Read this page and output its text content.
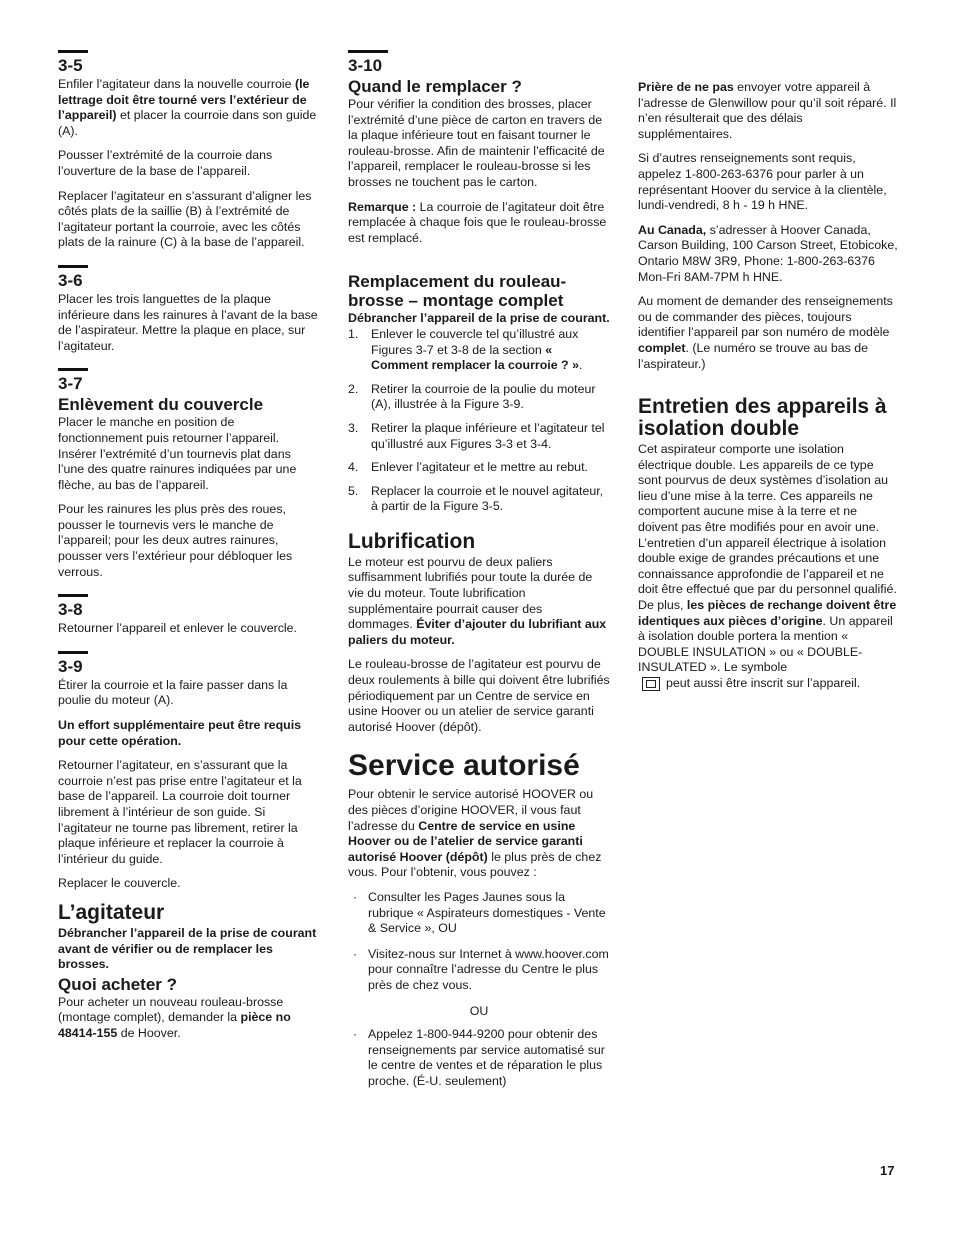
3-5

Enfiler l’agitateur dans la nouvelle courroie (le lettrage doit être tourné vers l’extérieur de l’appareil) et placer la courroie dans son guide (A).

Pousser l’extrémité de la courroie dans l’ouverture de la base de l’appareil.

Replacer l’agitateur en s’assurant d’aligner les côtés plats de la saillie (B) à l’extrémité de l’agitateur portant la courroie, avec les côtés plats de la rainure (C) à la base de l’appareil.

3-6

Placer les trois languettes de la plaque inférieure dans les rainures à l’avant de la base de l’aspirateur. Mettre la plaque en place, sur l’agitateur.

3-7
Enlèvement du couvercle

Placer le manche en position de fonctionnement puis retourner l’appareil. Insérer l’extrémité d’un tournevis plat dans l’une des quatre rainures indiquées par une flèche, au bas de l’appareil.

Pour les rainures les plus près des roues, pousser le tournevis vers le manche de l’appareil; pour les deux autres rainures, pousser vers l’extérieur pour débloquer les verrous.

3-8

Retourner l’appareil et enlever le couvercle.

3-9

Étirer la courroie et la faire passer dans la poulie du moteur (A).

Un effort supplémentaire peut être requis pour cette opération.

Retourner l’agitateur, en s’assurant que la courroie n’est pas prise entre l’agitateur et la base de l’appareil. La courroie doit tourner librement à l’intérieur de son guide. Si l’agitateur ne tourne pas librement, retirer la plaque inférieure et replacer la courroie à l’intérieur du guide.

Replacer le couvercle.

L’agitateur

Débrancher l’appareil de la prise de courant avant de vérifier ou de remplacer les brosses.

Quoi acheter ?

Pour acheter un nouveau rouleau-brosse (montage complet), demander la pièce no 48414-155 de Hoover.

3-10
Quand le remplacer ?

Pour vérifier la condition des brosses, placer l’extrémité d’une pièce de carton en travers de la plaque inférieure tout en faisant tourner le rouleau-brosse. Afin de maintenir l’efficacité de l’appareil, remplacer le rouleau-brosse si les brosses ne touchent pas le carton.

Remarque : La courroie de l’agitateur doit être remplacée à chaque fois que le rouleau-brosse est remplacé.

Remplacement du rouleau-brosse – montage complet

Débrancher l’appareil de la prise de courant.

1. Enlever le couvercle tel qu’illustré aux Figures 3-7 et 3-8 de la section « Comment remplacer la courroie ? ».
2. Retirer la courroie de la poulie du moteur (A), illustrée à la Figure 3-9.
3. Retirer la plaque inférieure et l’agitateur tel qu’illustré aux Figures 3-3 et 3-4.
4. Enlever l’agitateur et le mettre au rebut.
5. Replacer la courroie et le nouvel agitateur, à partir de la Figure 3-5.
Lubrification

Le moteur est pourvu de deux paliers suffisamment lubrifiés pour toute la durée de vie du moteur. Toute lubrification supplémentaire pourrait causer des dommages. Éviter d’ajouter du lubrifiant aux paliers du moteur.

Le rouleau-brosse de l’agitateur est pourvu de deux roulements à bille qui doivent être lubrifiés périodiquement par un Centre de service en usine Hoover ou un atelier de service garanti autorisé Hoover (dépôt).

Service autorisé

Pour obtenir le service autorisé HOOVER ou des pièces d’origine HOOVER, il vous faut l’adresse du Centre de service en usine Hoover ou de l’atelier de service garanti autorisé Hoover (dépôt) le plus près de chez vous. Pour l’obtenir, vous pouvez :

· Consulter les Pages Jaunes sous la rubrique « Aspirateurs domestiques - Vente & Service », OU
· Visitez-nous sur Internet à www.hoover.com pour connaître l’adresse du Centre le plus près de chez vous.

OU

· Appelez 1-800-944-9200 pour obtenir des renseignements par service automatisé sur le centre de ventes et de réparation le plus proche. (É-U. seulement)

Prière de ne pas envoyer votre appareil à l’adresse de Glenwillow pour qu’il soit réparé. Il n’en résulterait que des délais supplémentaires.

Si d’autres renseignements sont requis, appelez 1-800-263-6376 pour parler à un représentant Hoover du service à la clientèle, lundi-vendredi, 8 h - 19 h HNE.

Au Canada, s’adresser à Hoover Canada, Carson Building, 100 Carson Street, Etobicoke, Ontario M8W 3R9, Phone: 1-800-263-6376 Mon-Fri 8AM-7PM h HNE.

Au moment de demander des renseignements ou de commander des pièces, toujours identifier l’appareil par son numéro de modèle complet. (Le numéro se trouve au bas de l’aspirateur.)

Entretien des appareils à isolation double

Cet aspirateur comporte une isolation électrique double. Les appareils de ce type sont pourvus de deux systèmes d’isolation au lieu d’une mise à la terre. Ces appareils ne comportent aucune mise à la terre et ne doivent pas être modifiés pour en avoir une. L’entretien d’un appareil électrique à isolation double exige de grandes précautions et une connaissance approfondie de l’appareil et ne doit être effectué que par du personnel qualifié. De plus, les pièces de rechange doivent être identiques aux pièces d’origine. Un appareil à isolation double portera la mention « DOUBLE INSULATION » ou « DOUBLE-INSULATED ». Le symbole
peut aussi être inscrit sur l’appareil.

17
